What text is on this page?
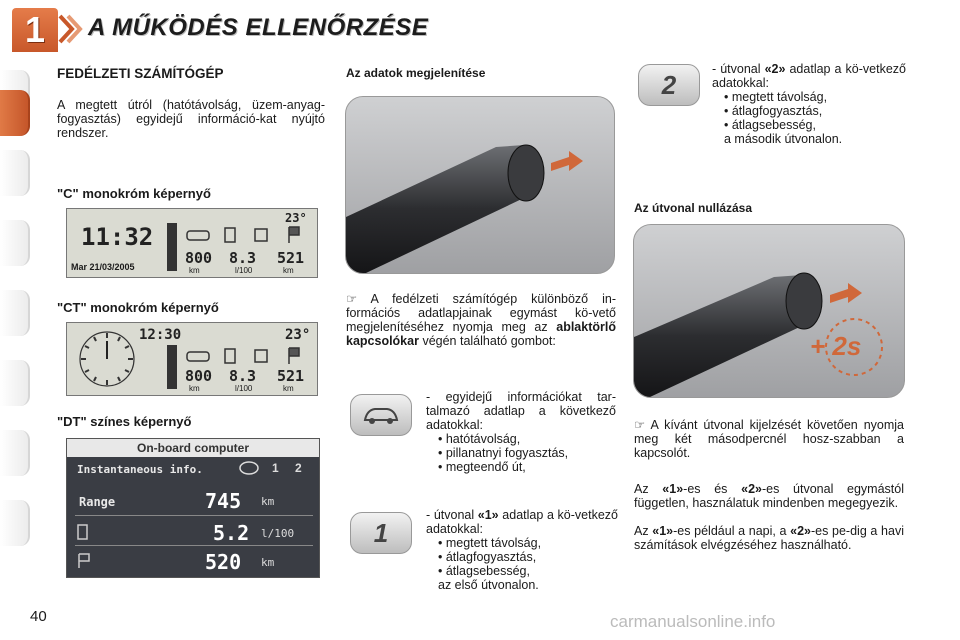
1	A MŰKÖDÉS ELLENŐRZÉSE
FEDÉLZETI SZÁMÍTÓGÉP

A megtett útról (hatótávolság, üzem-anyag-fogyasztás) egyidejű információ-kat nyújtó rendszer.

"C" monokróm képernyő
23°
11:32
Mar 21/03/2005	800 8.3 521
km	l/100	km
"CT" monokróm képernyő
12:30	23°
800 8.3 521
km	l/100	km
"DT" színes képernyő
On-board computer
Instantaneous info.	1 2
Range	745 km
5.2 l/100
520 km
Az adatok megjelenítése
☞ A fedélzeti számítógép különböző in-formációs adatlapjainak egymást kö-vető megjelenítéséhez nyomja meg az ablaktörlő kapcsolókar végén található gombot:

- egyidejű információkat tar-talmazó adatlap a következő adatokkal:

• hatótávolság,
• pillanatnyi fogyasztás,
• megteendő út,
1

- útvonal «1» adatlap a kö-vetkező adatokkal:

• megtett távolság,
• átlagfogyasztás,
• átlagsebesség,

az első útvonalon.

2

- útvonal «2» adatlap a kö-vetkező adatokkal:

• megtett távolság,
• átlagfogyasztás,
• átlagsebesség,

a második útvonalon.

Az útvonal nullázása
+ 2s
☞ A kívánt útvonal kijelzését követően nyomja meg két másodpercnél hosz-szabban a kapcsolót.

Az «1»-es és «2»-es útvonal egymástól független, használatuk mindenben megegyezik.

Az «1»-es például a napi, a «2»-es pe-dig a havi számítások elvégzéséhez használható.

40	carmanualsonline.info
